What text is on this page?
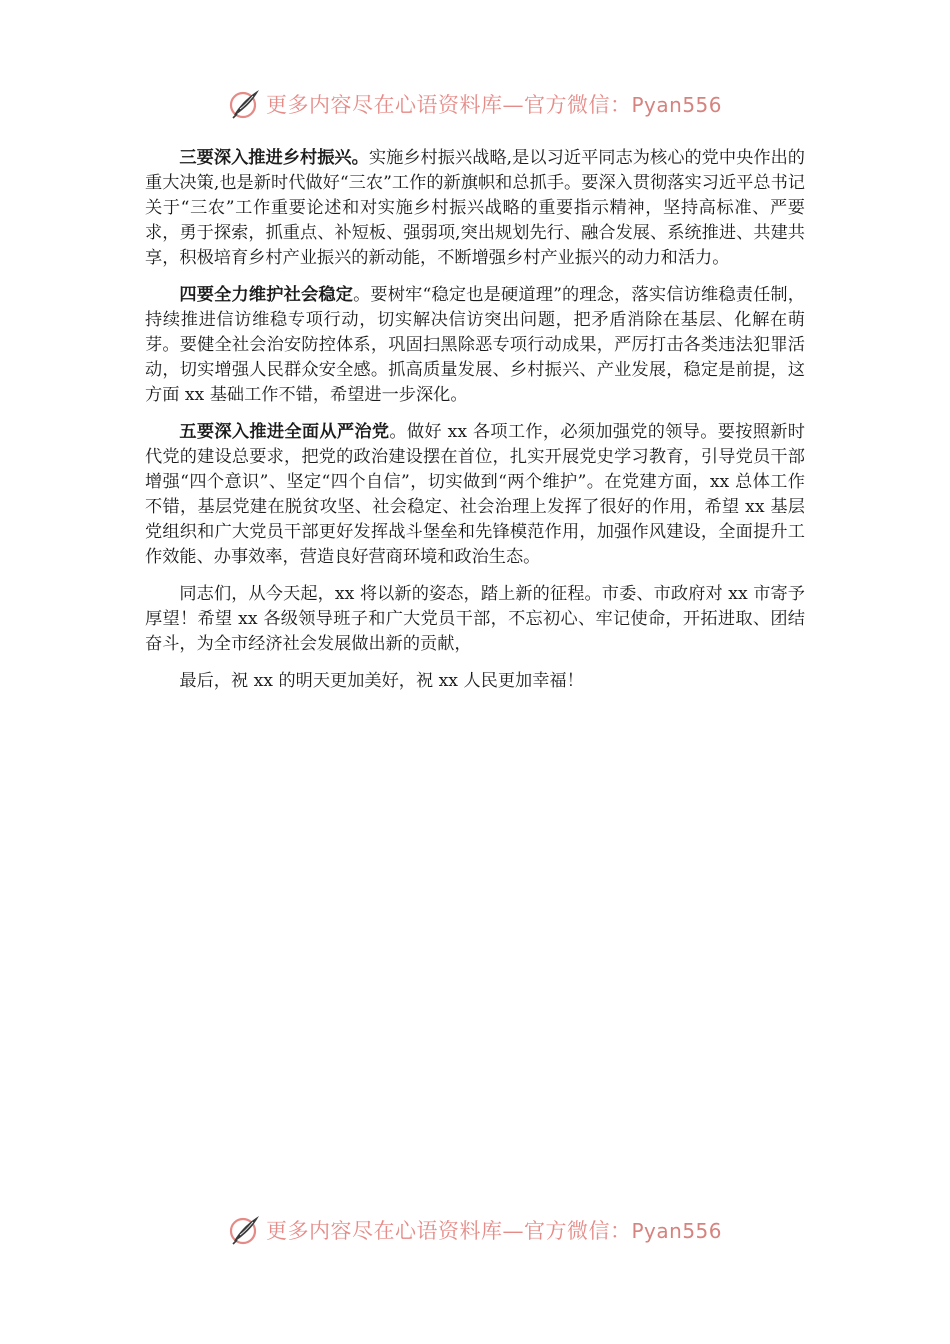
更多内容尽在心语资料库—官方微信：Pyan556

三要深入推进乡村振兴。实施乡村振兴战略,是以习近平同志为核心的党中央作出的重大决策,也是新时代做好“三农”工作的新旗帜和总抓手。要深入贯彻落实习近平总书记关于“三农”工作重要论述和对实施乡村振兴战略的重要指示精神，坚持高标准、严要求，勇于探索，抓重点、补短板、强弱项,突出规划先行、融合发展、系统推进、共建共享，积极培育乡村产业振兴的新动能，不断增强乡村产业振兴的动力和活力。

四要全力维护社会稳定。要树牢“稳定也是硬道理”的理念，落实信访维稳责任制，持续推进信访维稳专项行动，切实解决信访突出问题，把矛盾消除在基层、化解在萌芽。要健全社会治安防控体系，巩固扫黑除恶专项行动成果，严厉打击各类违法犯罪活动，切实增强人民群众安全感。抓高质量发展、乡村振兴、产业发展，稳定是前提，这方面 xx 基础工作不错，希望进一步深化。

五要深入推进全面从严治党。做好 xx 各项工作，必须加强党的领导。要按照新时代党的建设总要求，把党的政治建设摆在首位，扎实开展党史学习教育，引导党员干部增强“四个意识”、坚定“四个自信”，切实做到“两个维护”。在党建方面，xx 总体工作不错，基层党建在脱贫攻坚、社会稳定、社会治理上发挥了很好的作用，希望 xx 基层党组织和广大党员干部更好发挥战斗堡垒和先锋模范作用，加强作风建设，全面提升工作效能、办事效率，营造良好营商环境和政治生态。

同志们，从今天起，xx 将以新的姿态，踏上新的征程。市委、市政府对 xx 市寄予厚望！希望 xx 各级领导班子和广大党员干部，不忘初心、牢记使命，开拓进取、团结奋斗，为全市经济社会发展做出新的贡献，

最后，祝 xx 的明天更加美好，祝 xx 人民更加幸福！

更多内容尽在心语资料库—官方微信：Pyan556
